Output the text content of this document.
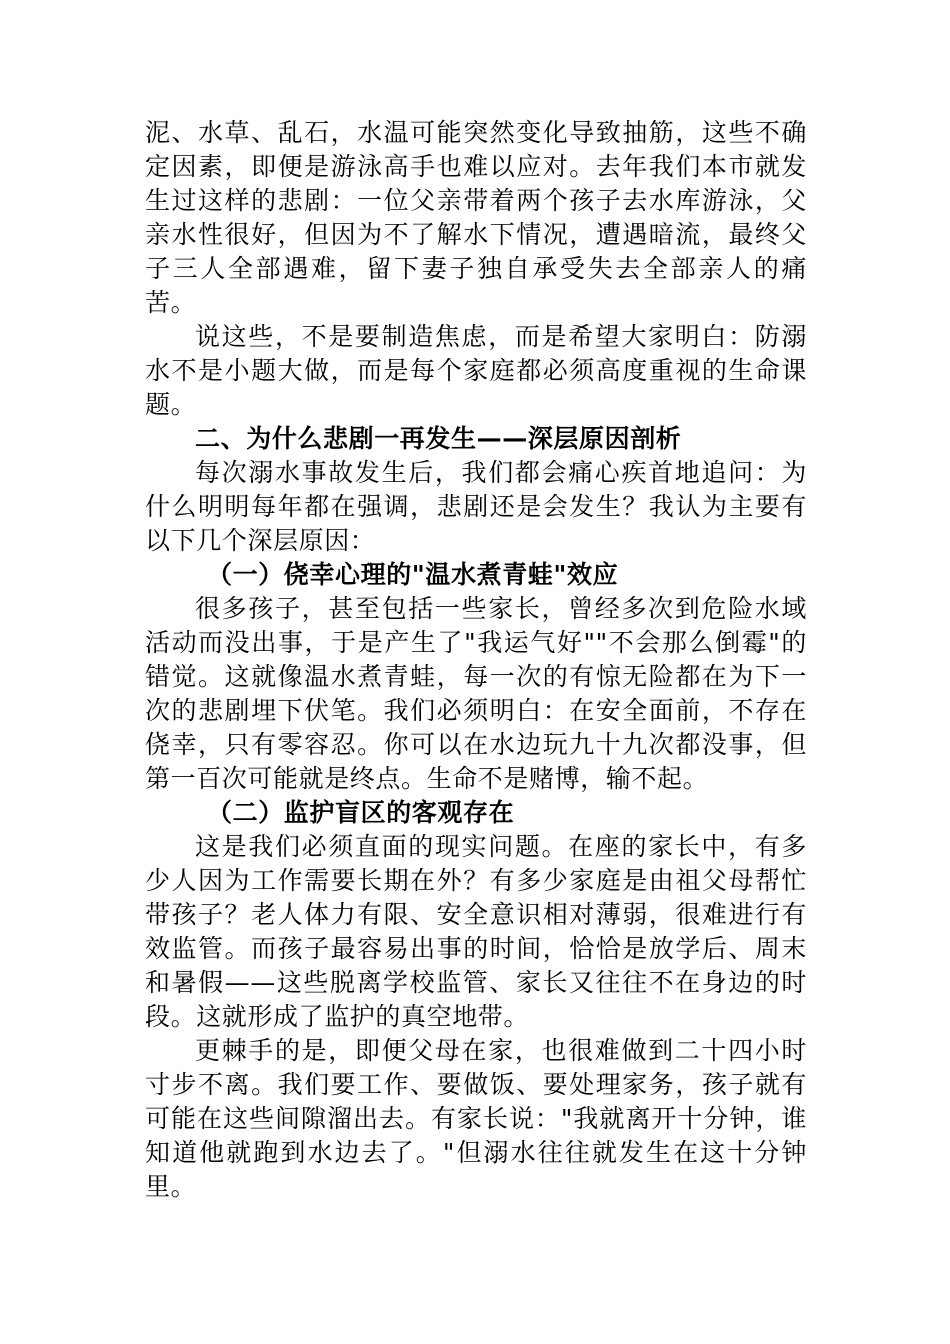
泥、水草、乱石，水温可能突然变化导致抽筋，这些不确定因素，即便是游泳高手也难以应对。去年我们本市就发生过这样的悲剧：一位父亲带着两个孩子去水库游泳，父亲水性很好，但因为不了解水下情况，遭遇暗流，最终父子三人全部遇难，留下妻子独自承受失去全部亲人的痛苦。

说这些，不是要制造焦虑，而是希望大家明白：防溺水不是小题大做，而是每个家庭都必须高度重视的生命课题。

二、为什么悲剧一再发生——深层原因剖析

每次溺水事故发生后，我们都会痛心疾首地追问：为什么明明每年都在强调，悲剧还是会发生？我认为主要有以下几个深层原因：

（一）侥幸心理的"温水煮青蛙"效应

很多孩子，甚至包括一些家长，曾经多次到危险水域活动而没出事，于是产生了"我运气好""不会那么倒霉"的错觉。这就像温水煮青蛙，每一次的有惊无险都在为下一次的悲剧埋下伏笔。我们必须明白：在安全面前，不存在侥幸，只有零容忍。你可以在水边玩九十九次都没事，但第一百次可能就是终点。生命不是赌博，输不起。

（二）监护盲区的客观存在

这是我们必须直面的现实问题。在座的家长中，有多少人因为工作需要长期在外？有多少家庭是由祖父母帮忙带孩子？老人体力有限、安全意识相对薄弱，很难进行有效监管。而孩子最容易出事的时间，恰恰是放学后、周末和暑假——这些脱离学校监管、家长又往往不在身边的时段。这就形成了监护的真空地带。

更棘手的是，即便父母在家，也很难做到二十四小时寸步不离。我们要工作、要做饭、要处理家务，孩子就有可能在这些间隙溜出去。有家长说："我就离开十分钟，谁知道他就跑到水边去了。"但溺水往往就发生在这十分钟里。
